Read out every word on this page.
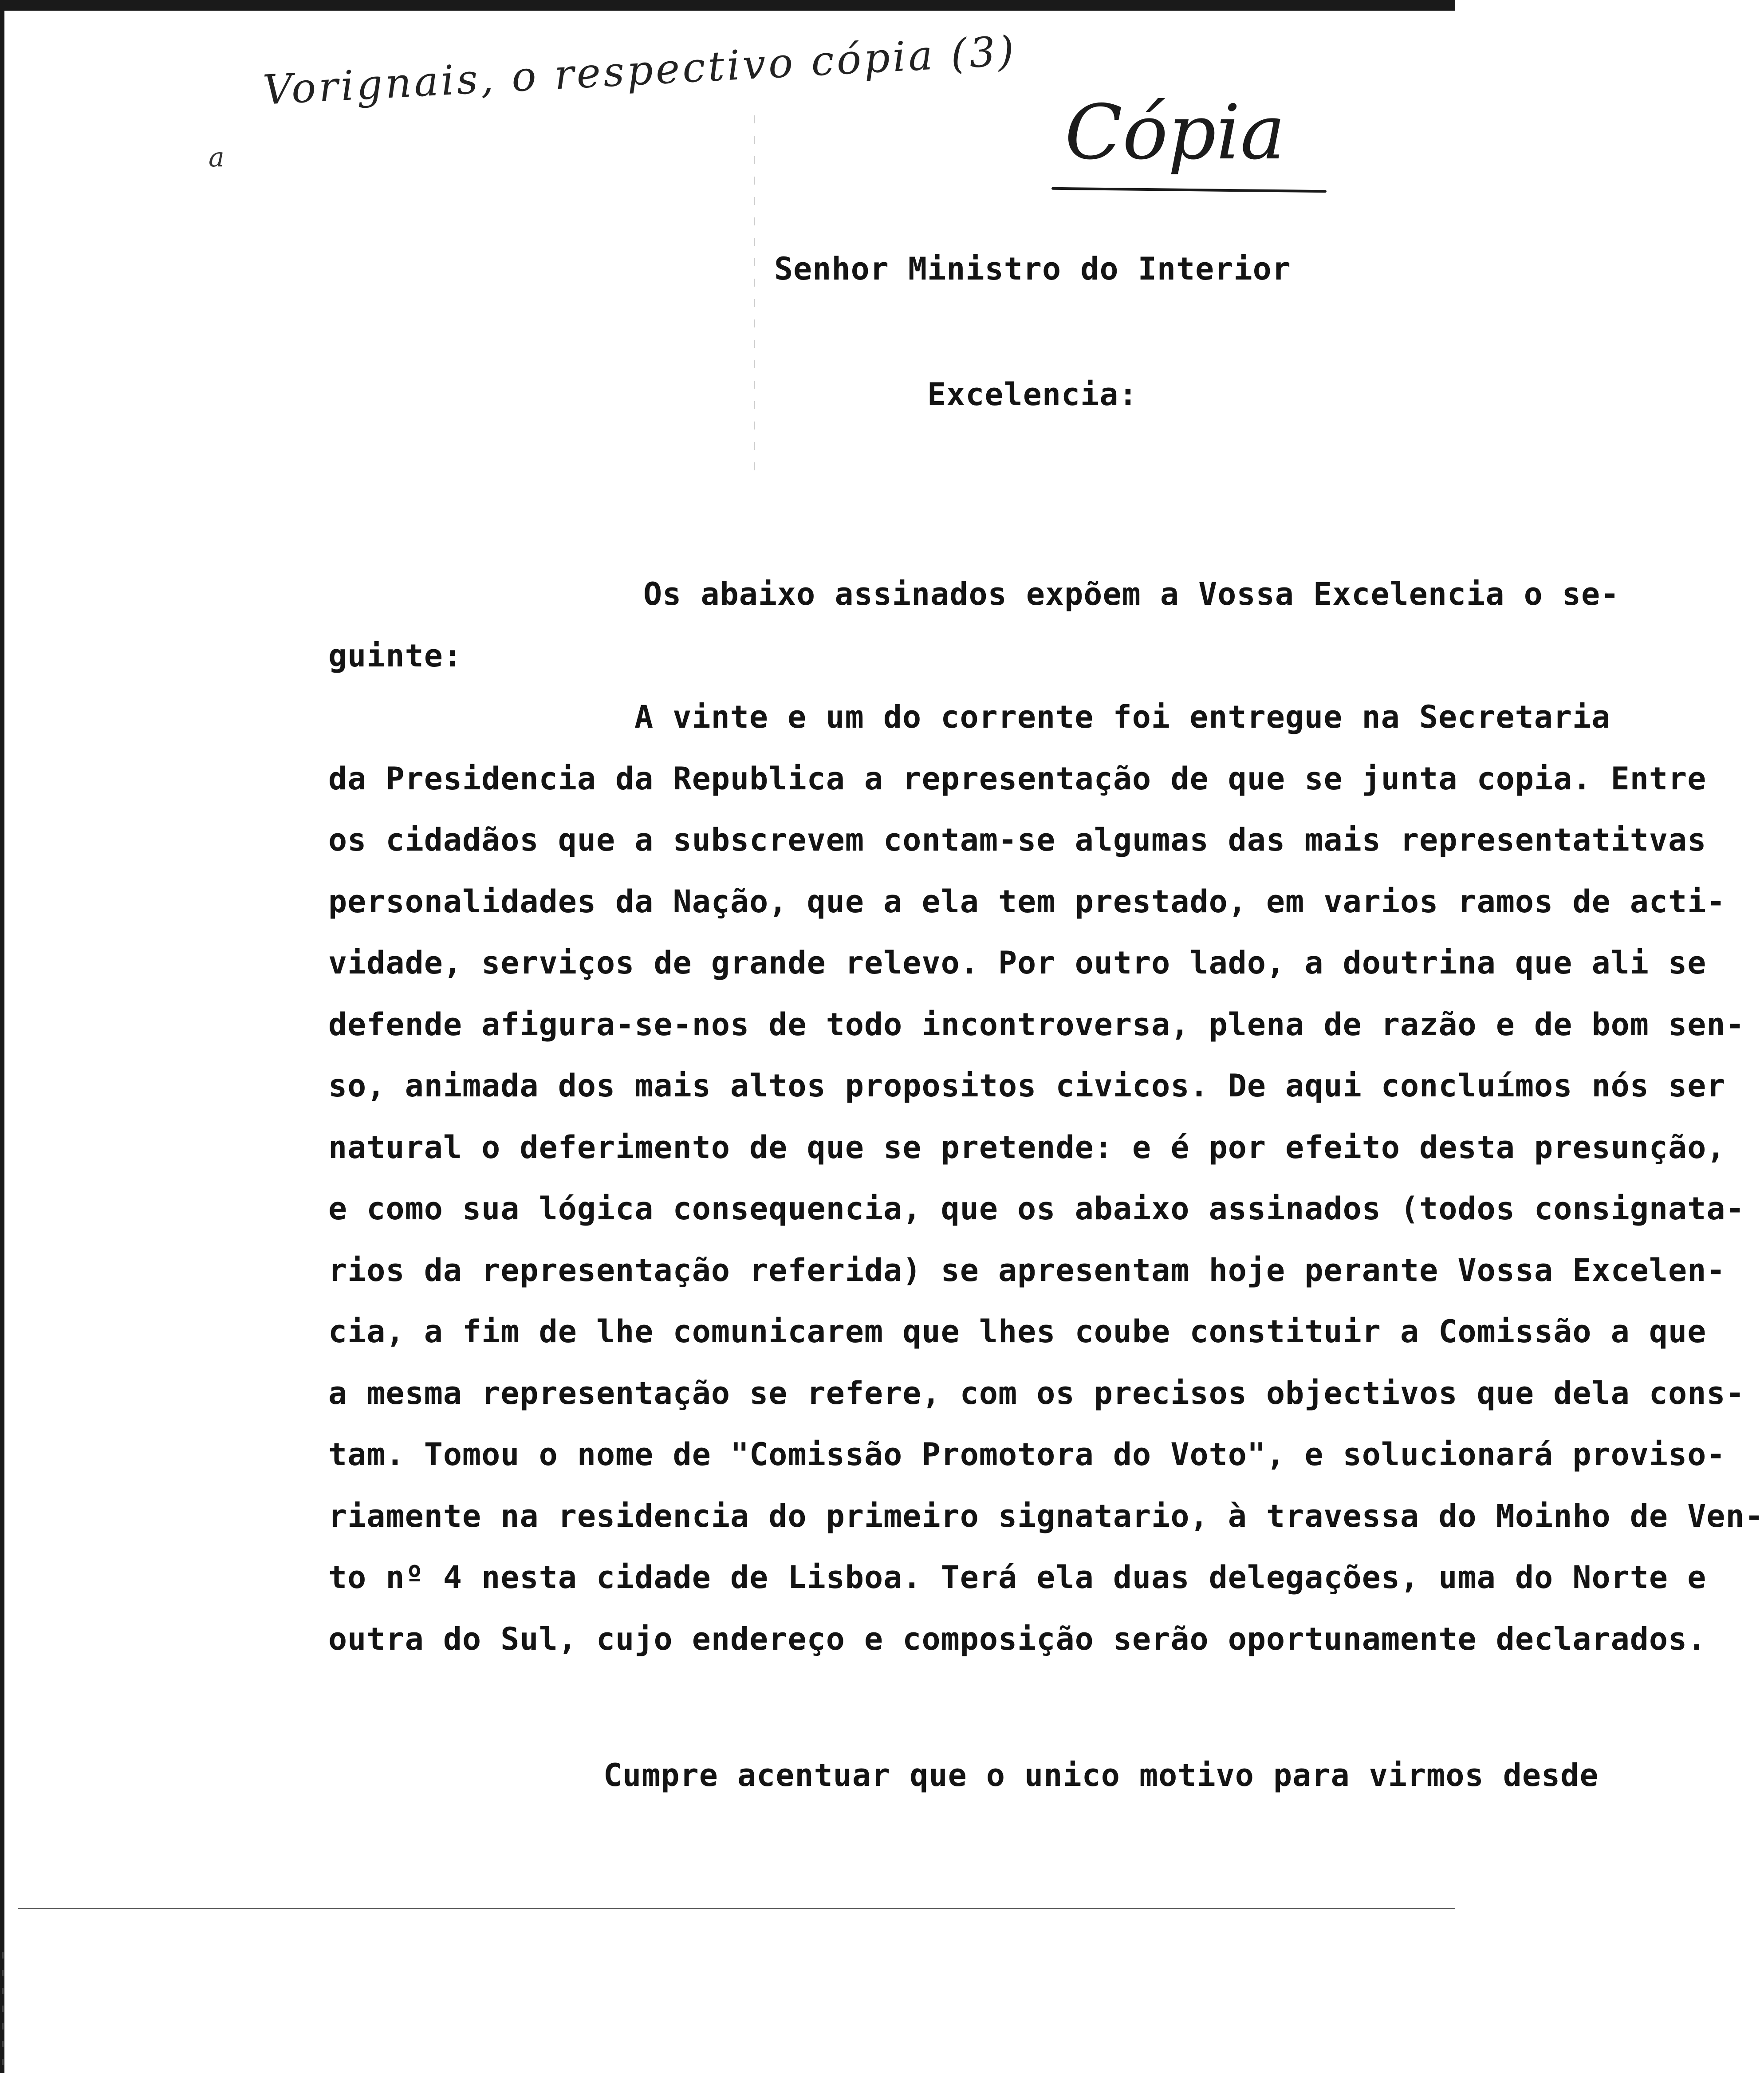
Vorignais, o respectivo cópia (3)
a	Cópia
Senhor Ministro do Interior
Excelencia:
Os abaixo assinados expõem a Vossa Excelencia o se-
guinte:
A vinte e um do corrente foi entregue na Secretaria
da Presidencia da Republica a representação de que se junta copia. Entre
os cidadãos que a subscrevem contam-se algumas das mais representatitvas
personalidades da Nação, que a ela tem prestado, em varios ramos de acti-
vidade, serviços de grande relevo. Por outro lado, a doutrina que ali se
defende afigura-se-nos de todo incontroversa, plena de razão e de bom sen-
so, animada dos mais altos propositos civicos. De aqui concluímos nós ser
natural o deferimento de que se pretende: e é por efeito desta presunção,
e como sua lógica consequencia, que os abaixo assinados (todos consignata-
rios da representação referida) se apresentam hoje perante Vossa Excelen-
cia, a fim de lhe comunicarem que lhes coube constituir a Comissão a que
a mesma representação se refere, com os precisos objectivos que dela cons-
tam. Tomou o nome de "Comissão Promotora do Voto", e solucionará proviso-
riamente na residencia do primeiro signatario, à travessa do Moinho de Ven-
to nº 4 nesta cidade de Lisboa. Terá ela duas delegações, uma do Norte e
outra do Sul, cujo endereço e composição serão oportunamente declarados.
Cumpre acentuar que o unico motivo para virmos desde
